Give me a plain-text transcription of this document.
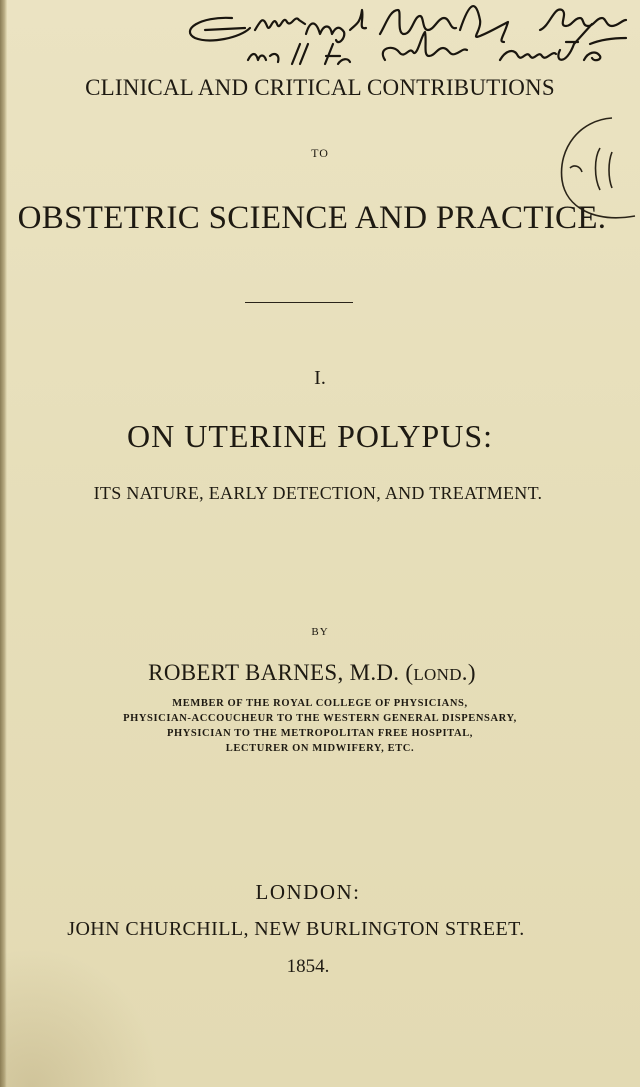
CLINICAL AND CRITICAL CONTRIBUTIONS
TO
OBSTETRIC SCIENCE AND PRACTICE.
I.
ON UTERINE POLYPUS:
ITS NATURE, EARLY DETECTION, AND TREATMENT.
BY
ROBERT BARNES, M.D. (LOND.)
MEMBER OF THE ROYAL COLLEGE OF PHYSICIANS,
PHYSICIAN-ACCOUCHEUR TO THE WESTERN GENERAL DISPENSARY,
PHYSICIAN TO THE METROPOLITAN FREE HOSPITAL,
LECTURER ON MIDWIFERY, ETC.
LONDON:
JOHN CHURCHILL, NEW BURLINGTON STREET.
1854.
